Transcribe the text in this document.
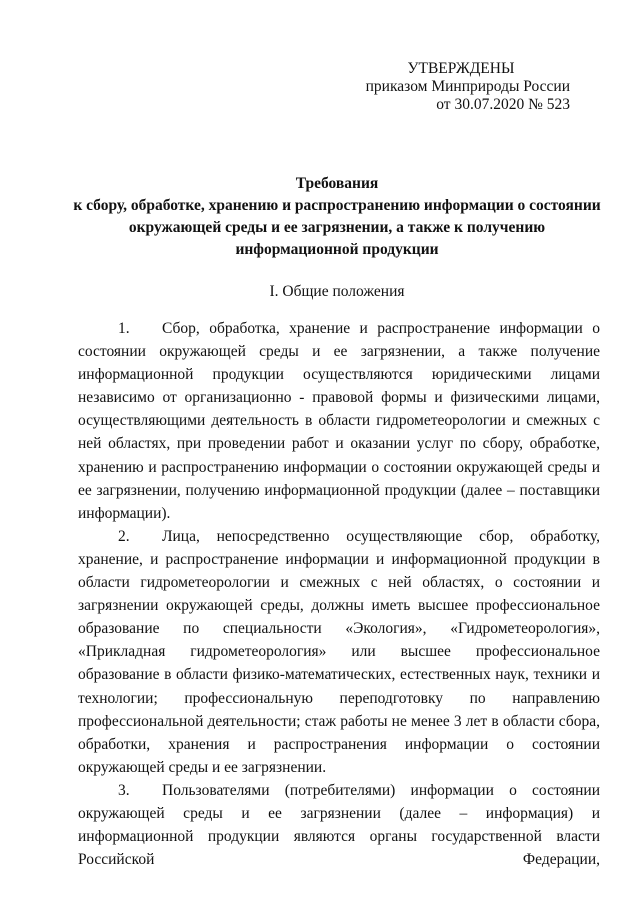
УТВЕРЖДЕНЫ
приказом Минприроды России
от 30.07.2020 № 523
Требования
к сбору, обработке, хранению и распространению информации о состоянии
окружающей среды и ее загрязнении, а также к получению
информационной продукции
I. Общие положения

1. Сбор, обработка, хранение и распространение информации о состоянии окружающей среды и ее загрязнении, а также получение информационной продукции осуществляются юридическими лицами независимо от организационно - правовой формы и физическими лицами, осуществляющими деятельность в области гидрометеорологии и смежных с ней областях, при проведении работ и оказании услуг по сбору, обработке, хранению и распространению информации о состоянии окружающей среды и ее загрязнении, получению информационной продукции (далее – поставщики информации).

2. Лица, непосредственно осуществляющие сбор, обработку, хранение, и распространение информации и информационной продукции в области гидрометеорологии и смежных с ней областях, о состоянии и загрязнении окружающей среды, должны иметь высшее профессиональное образование по специальности «Экология», «Гидрометеорология», «Прикладная гидрометеорология» или высшее профессиональное образование в области физико-математических, естественных наук, техники и технологии; профессиональную переподготовку по направлению профессиональной деятельности; стаж работы не менее 3 лет в области сбора, обработки, хранения и распространения информации о состоянии окружающей среды и ее загрязнении.

3. Пользователями (потребителями) информации о состоянии окружающей среды и ее загрязнении (далее – информация) и информационной продукции являются органы государственной власти Российской Федерации,
